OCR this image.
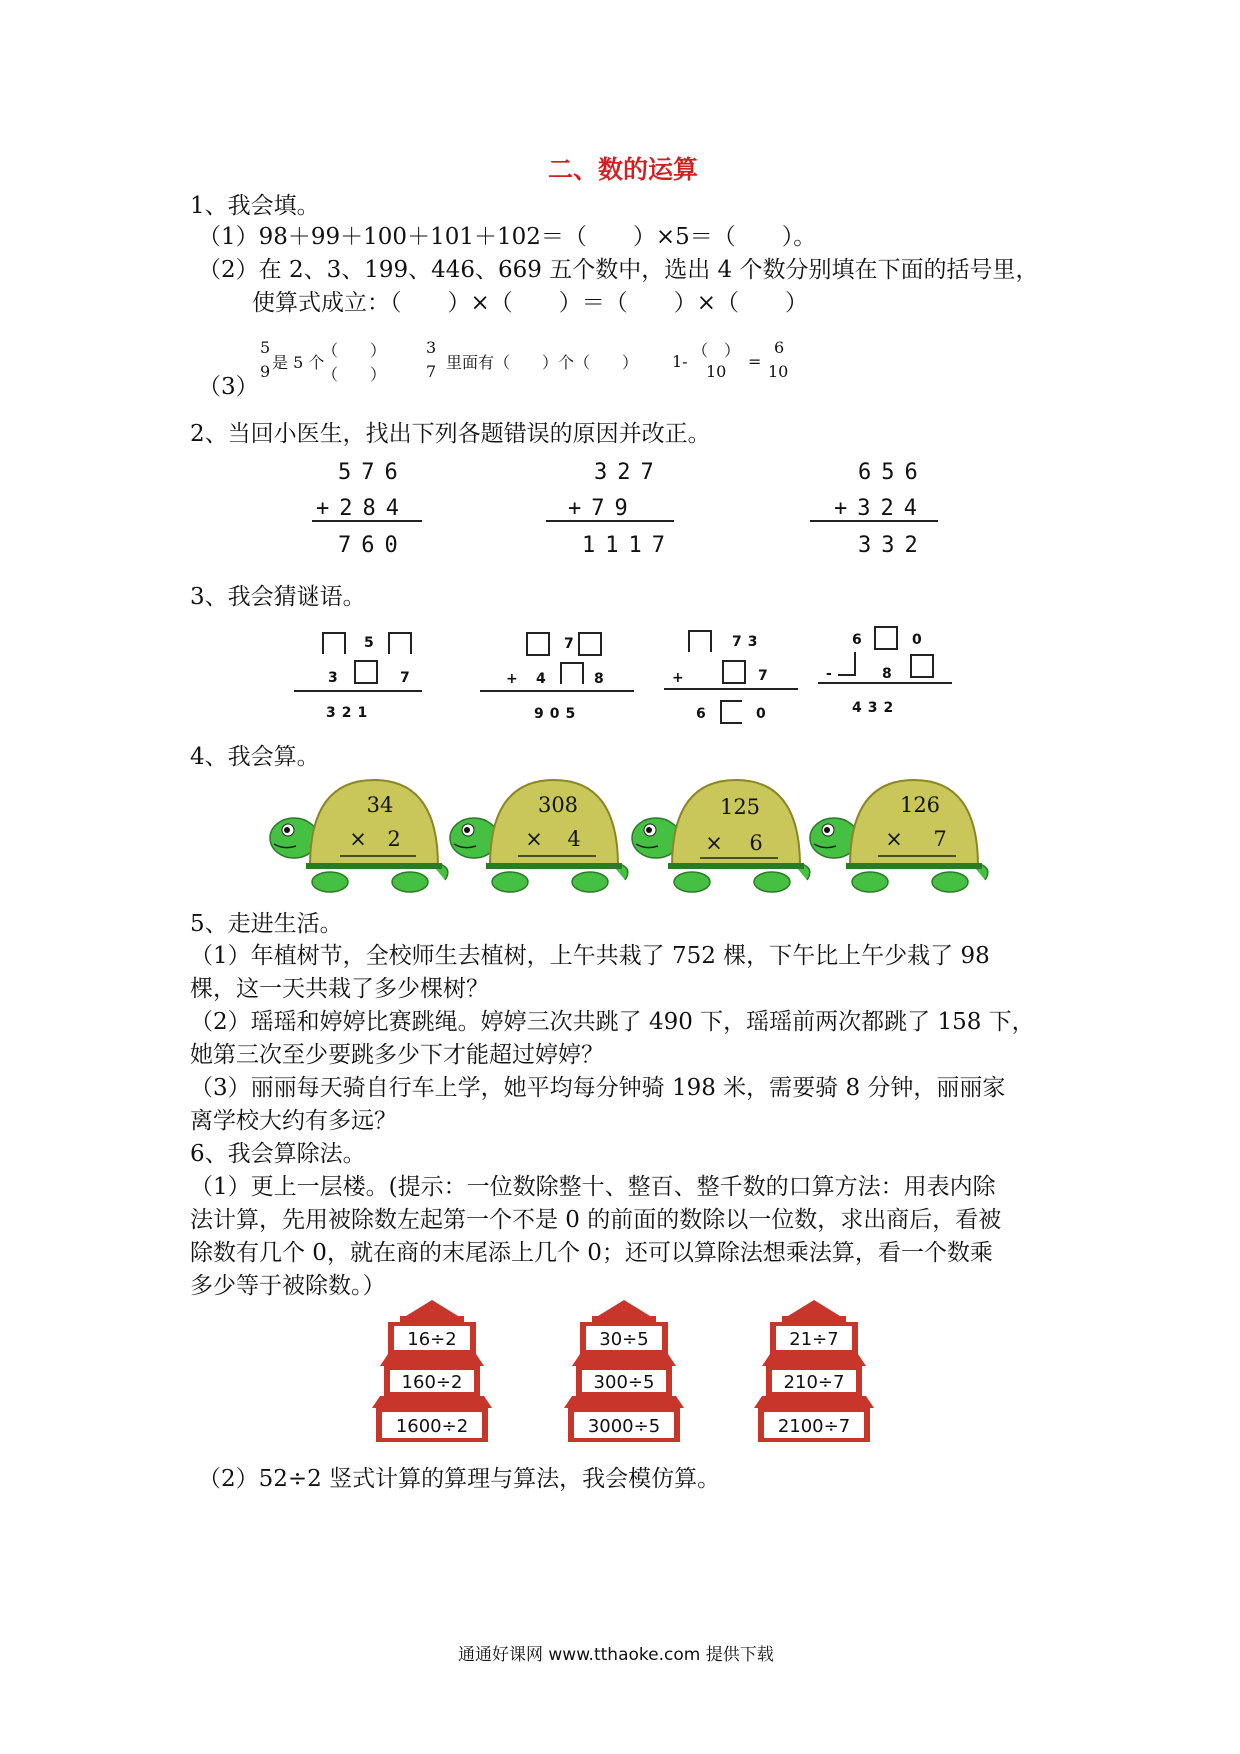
二、数的运算
1、我会填。
（1）98＋99＋100＋101＋102＝（　　）×5＝（　　）。
（2）在 2、3、199、446、669 五个数中，选出 4 个数分别填在下面的括号里，
使算式成立：（　　）×（　　）＝（　　）×（　　）
（3）
5
9 是 5 个
（　　）
（　　）
3
7 里面有（　　）个（　　） 1-
（　）
10
=
6
10
2、当回小医生，找出下列各题错误的原因并改正。
576
+284
760
327
+79
1117
656
+324
332
3、我会猜谜语。
5
3	7
321
7
+ 4	8
905
73
+	7
6	0
6	0
-	8
432
4、我会算。
34
× 2
308
× 4
125
× 6
126
× 7
5、走进生活。
（1）年植树节，全校师生去植树，上午共栽了 752 棵，下午比上午少栽了 98
棵，这一天共栽了多少棵树？
（2）瑶瑶和婷婷比赛跳绳。婷婷三次共跳了 490 下，瑶瑶前两次都跳了 158 下，
她第三次至少要跳多少下才能超过婷婷？
（3）丽丽每天骑自行车上学，她平均每分钟骑 198 米，需要骑 8 分钟，丽丽家
离学校大约有多远？
6、我会算除法。
（1）更上一层楼。(提示：一位数除整十、整百、整千数的口算方法：用表内除
法计算，先用被除数左起第一个不是 0 的前面的数除以一位数，求出商后，看被
除数有几个 0，就在商的末尾添上几个 0；还可以算除法想乘法算，看一个数乘
多少等于被除数。）
16÷2
160÷2
1600÷2
30÷5
300÷5
3000÷5
21÷7
210÷7
2100÷7
（2）52÷2 竖式计算的算理与算法，我会模仿算。
通通好课网 www.tthaoke.com 提供下载
